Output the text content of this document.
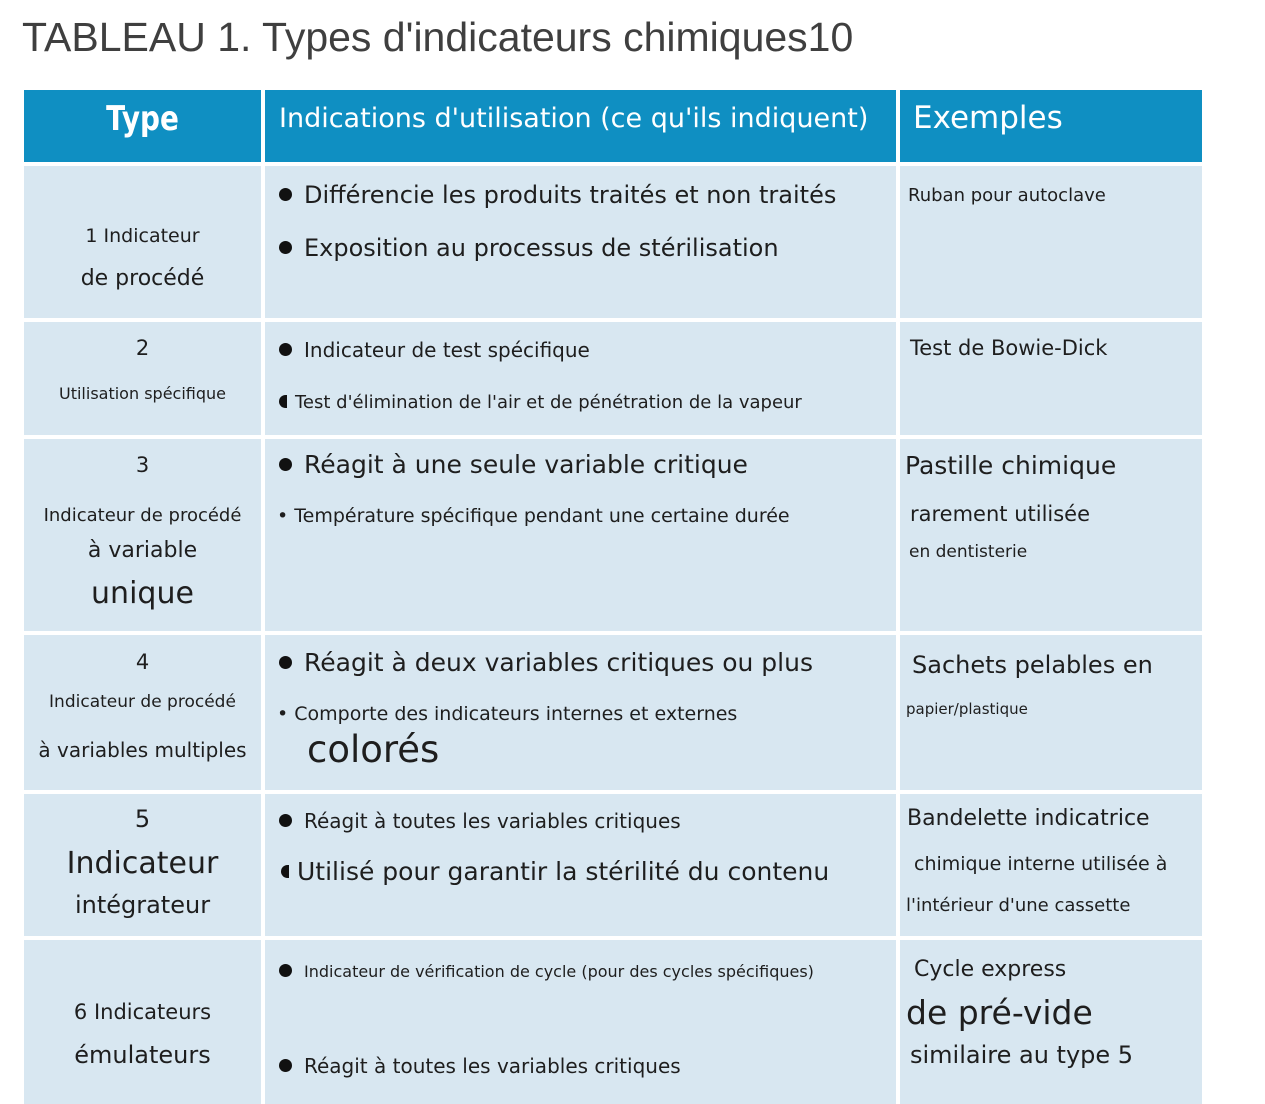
TABLEAU 1. Types d'indicateurs chimiques10
Type	Indications d'utilisation (ce qu'ils indiquent) Exemples
1 Indicateur
de procédé
Différencie les produits traités et non traités
Exposition au processus de stérilisation
Ruban pour autoclave
2
Utilisation spécifique
Indicateur de test spécifique
Test d'élimination de l'air et de pénétration de la vapeur
Test de Bowie-Dick
3
Indicateur de procédé
à variable
unique
Réagit à une seule variable critique
• Température spécifique pendant une certaine durée
Pastille chimique
rarement utilisée
en dentisterie
4
Indicateur de procédé
à variables multiples
Réagit à deux variables critiques ou plus
• Comporte des indicateurs internes et externes
colorés
Sachets pelables en
papier/plastique
5
Indicateur
intégrateur
Réagit à toutes les variables critiques
Utilisé pour garantir la stérilité du contenu
Bandelette indicatrice
chimique interne utilisée à
l'intérieur d'une cassette
6 Indicateurs
émulateurs
Indicateur de vérification de cycle (pour des cycles spécifiques)
Réagit à toutes les variables critiques
Cycle express
de pré-vide
similaire au type 5
